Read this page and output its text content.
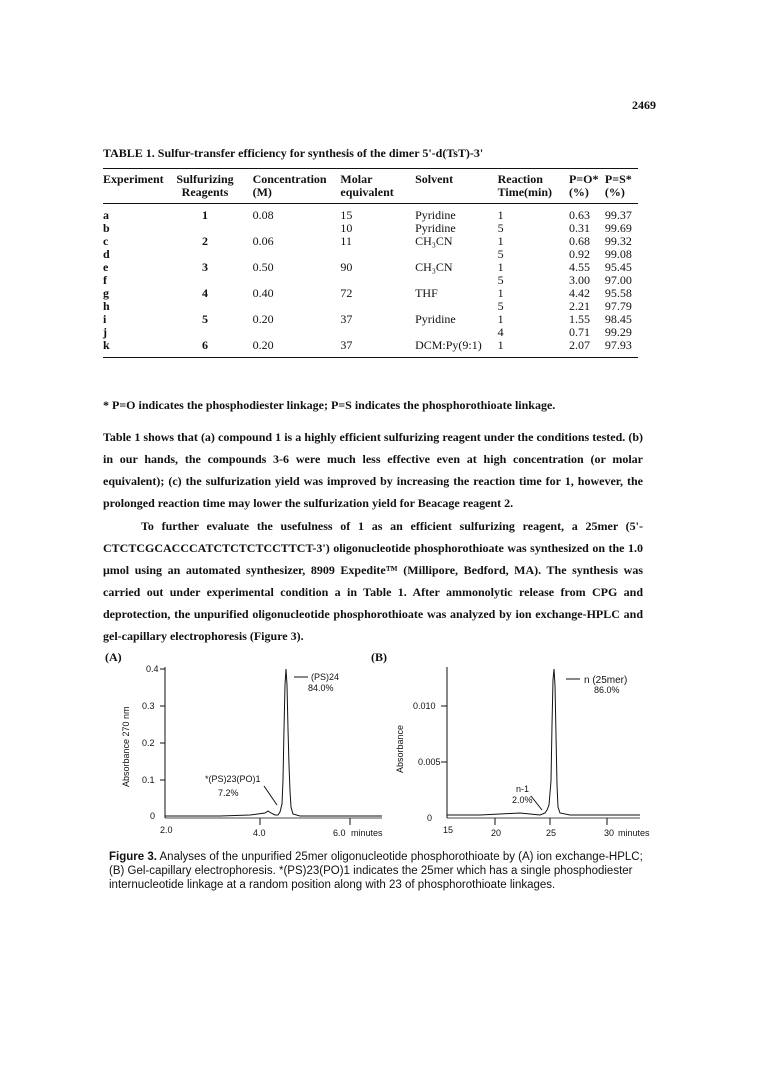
2469
TABLE 1. Sulfur-transfer efficiency for synthesis of the dimer 5'-d(TsT)-3'
Experiment	Sulfurizing	Concentration	Molar	Solvent	Reaction	P=O*	P=S*
	Reagents	(M)	equivalent		Time(min)	(%)	(%)
a	1	0.08	15	Pyridine	1	0.63	99.37
b			10	Pyridine	5	0.31	99.69
c	2	0.06	11	CH₃CN	1	0.68	99.32
d					5	0.92	99.08
e	3	0.50	90	CH₃CN	1	4.55	95.45
f					5	3.00	97.00
g	4	0.40	72	THF	1	4.42	95.58
h					5	2.21	97.79
i	5	0.20	37	Pyridine	1	1.55	98.45
j					4	0.71	99.29
k	6	0.20	37	DCM:Py(9:1)	1	2.07	97.93
* P=O indicates the phosphodiester linkage; P=S indicates the phosphorothioate linkage.
Table 1 shows that (a) compound 1 is a highly efficient sulfurizing reagent under the conditions tested. (b) in our hands, the compounds 3-6 were much less effective even at high concentration (or molar equivalent); (c) the sulfurization yield was improved by increasing the reaction time for 1, however, the prolonged reaction time may lower the sulfurization yield for Beacage reagent 2.
To further evaluate the usefulness of 1 as an efficient sulfurizing reagent, a 25mer (5'-CTCTCGCACCCATCTCTCTCCTTCT-3') oligonucleotide phosphorothioate was synthesized on the 1.0 μmol using an automated synthesizer, 8909 Expedite™ (Millipore, Bedford, MA). The synthesis was carried out under experimental condition a in Table 1. After ammonolytic release from CPG and deprotection, the unpurified oligonucleotide phosphorothioate was analyzed by ion exchange-HPLC and gel-capillary electrophoresis (Figure 3).
(A)	(B)
0.4
0.3
0.2
0.1
0
Absorbance 270 nm
2.0	4.0	6.0 minutes
(PS)24
84.0%
*(PS)23(PO)1
7.2%
0.010
0.005
0
Absorbance
15	20	25	30 minutes
n (25mer)
86.0%
n-1
2.0%
Figure 3. Analyses of the unpurified 25mer oligonucleotide phosphorothioate by (A) ion exchange-HPLC; (B) Gel-capillary electrophoresis. *(PS)23(PO)1 indicates the 25mer which has a single phosphodiester internucleotide linkage at a random position along with 23 of phosphorothioate linkages.
